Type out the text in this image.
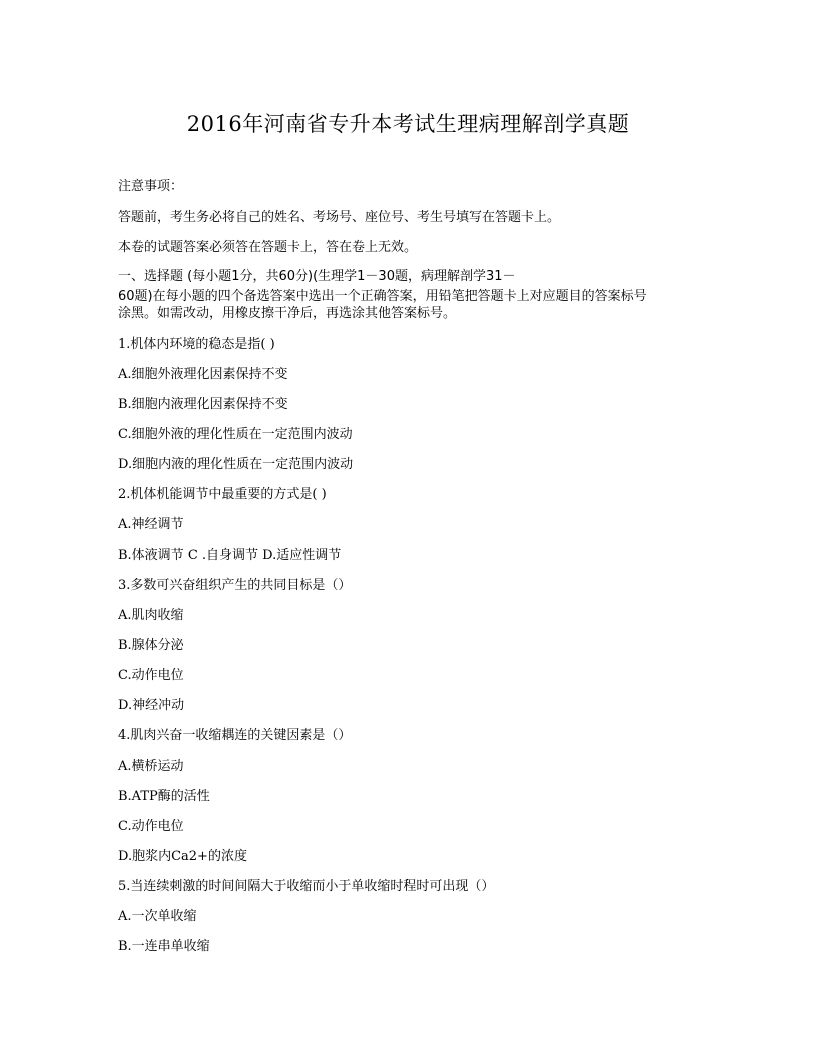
2016年河南省专升本考试生理病理解剖学真题
注意事项：
答题前，考生务必将自己的姓名、考场号、座位号、考生号填写在答题卡上。
本卷的试题答案必须答在答题卡上，答在卷上无效。
一、选择题 (每小题1分，共60分)(生理学1－30题，病理解剖学31－
60题)在每小题的四个备选答案中选出一个正确答案，用铅笔把答题卡上对应题目的答案标号
涂黑。如需改动，用橡皮擦干净后，再选涂其他答案标号。
1.机体内环境的稳态是指( )
A.细胞外液理化因素保持不变
B.细胞内液理化因素保持不变
C.细胞外液的理化性质在一定范围内波动
D.细胞内液的理化性质在一定范围内波动
2.机体机能调节中最重要的方式是( )
A.神经调节
B.体液调节 C .自身调节 D.适应性调节
3.多数可兴奋组织产生的共同目标是（）
A.肌肉收缩
B.腺体分泌
C.动作电位
D.神经冲动
4.肌肉兴奋一收缩耦连的关键因素是（）
A.横桥运动
B.ATP酶的活性
C.动作电位
D.胞浆内Ca2+的浓度
5.当连续刺激的时间间隔大于收缩而小于单收缩时程时可出现（）
A.一次单收缩
B.一连串单收缩
